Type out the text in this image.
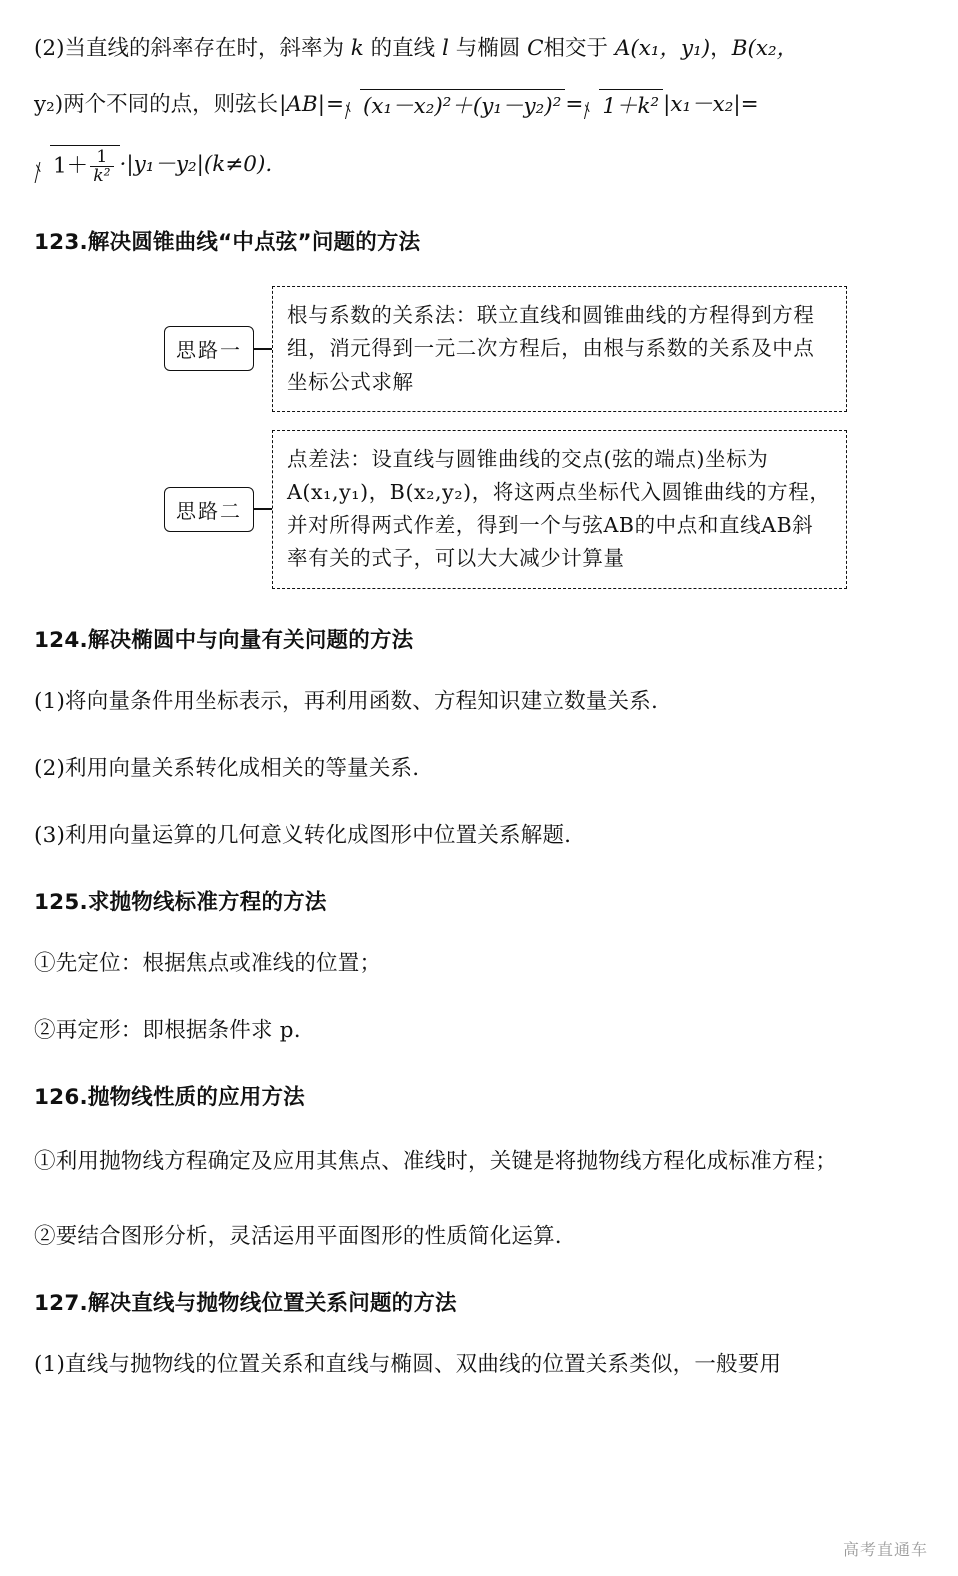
(2)当直线的斜率存在时，斜率为 k 的直线 l 与椭圆 C相交于 A(x₁，y₁)，B(x₂，
y₂)两个不同的点，则弦长|AB|= (x₁－x₂)²＋(y₁－y₂)² = 1＋k² |x₁－x₂|=
$1+ \frac{1}{\text{k²}} \cdot|y_1-y_2|(k\ne 0)$.
123.解决圆锥曲线“中点弦”问题的方法
思路一
根与系数的关系法：联立直线和圆锥曲线的方程得到方程组，消元得到一元二次方程后，由根与系数的关系及中点坐标公式求解
思路二
点差法：设直线与圆锥曲线的交点(弦的端点)坐标为A(x₁,y₁)，B(x₂,y₂)，将这两点坐标代入圆锥曲线的方程，并对所得两式作差，得到一个与弦AB的中点和直线AB斜率有关的式子，可以大大减少计算量
124.解决椭圆中与向量有关问题的方法
(1)将向量条件用坐标表示，再利用函数、方程知识建立数量关系.
(2)利用向量关系转化成相关的等量关系.
(3)利用向量运算的几何意义转化成图形中位置关系解题.
125.求抛物线标准方程的方法
①先定位：根据焦点或准线的位置；
②再定形：即根据条件求 p.
126.抛物线性质的应用方法
①利用抛物线方程确定及应用其焦点、准线时，关键是将抛物线方程化成标准方程；
②要结合图形分析，灵活运用平面图形的性质简化运算.
127.解决直线与抛物线位置关系问题的方法
(1)直线与抛物线的位置关系和直线与椭圆、双曲线的位置关系类似，一般要用
高考直通车
